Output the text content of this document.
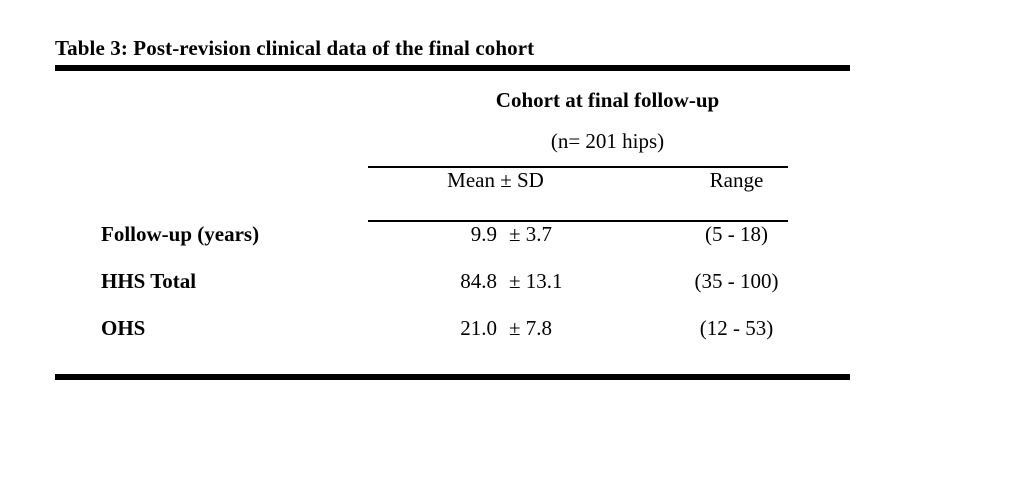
Table 3: Post-revision clinical data of the final cohort
Cohort at final follow-up
(n= 201 hips)
	Mean ± SD	Range
Follow-up (years)	9.9	± 3.7	(5 - 18)
HHS Total	84.8	± 13.1	(35 - 100)
OHS	21.0	± 7.8	(12 - 53)
